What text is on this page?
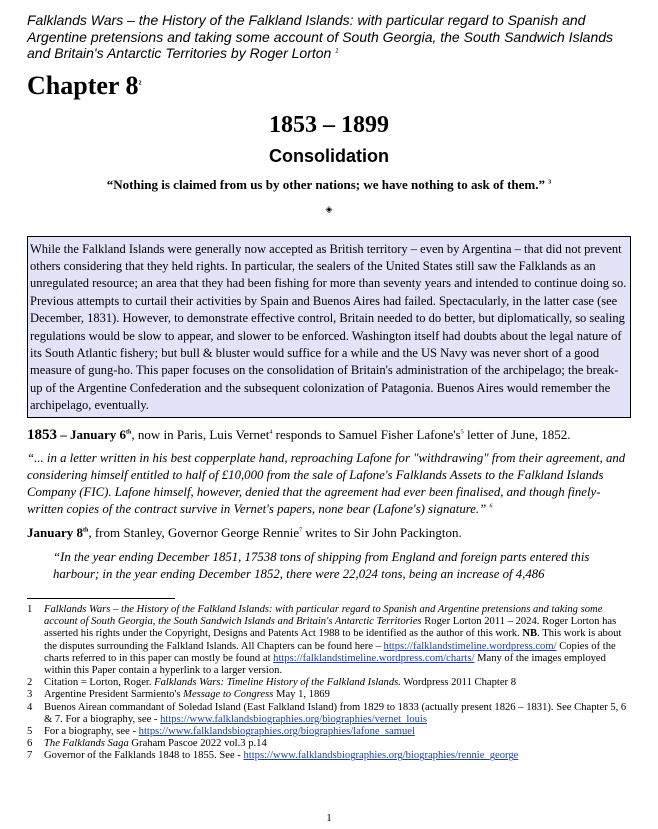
Falklands Wars – the History of the Falkland Islands: with particular regard to Spanish and Argentine pretensions and taking some account of South Georgia, the South Sandwich Islands and Britain's Antarctic Territories by Roger Lorton $^1$

Chapter $8^2$
1853 – 1899
Consolidation
“Nothing is claimed from us by other nations; we have nothing to ask of them.” $^3$
◈
While the Falkland Islands were generally now accepted as British territory – even by Argentina – that did not prevent others considering that they held rights. In particular, the sealers of the United States still saw the Falklands as an unregulated resource; an area that they had been fishing for more than seventy years and intended to continue doing so. Previous attempts to curtail their activities by Spain and Buenos Aires had failed. Spectacularly, in the latter case (see December, 1831). However, to demonstrate effective control, Britain needed to do better, but diplomatically, so sealing regulations would be slow to appear, and slower to be enforced. Washington itself had doubts about the legal nature of its South Atlantic fishery; but bull & bluster would suffice for a while and the US Navy was never short of a good measure of gung-ho. This paper focuses on the consolidation of Britain's administration of the archipelago; the break-up of the Argentine Confederation and the subsequent colonization of Patagonia. Buenos Aires would remember the archipelago, eventually.

1853 – January 6th, now in Paris, Luis Vernet$^4$ responds to Samuel Fisher $Lafone's^5$ letter of June, 1852.

“... in a letter written in his best copperplate hand, reproaching Lafone for "withdrawing" from their agreement, and considering himself entitled to half of £10,000 from the sale of Lafone's Falklands Assets to the Falkland Islands Company (FIC). Lafone himself, however, denied that the agreement had ever been finalised, and though finely-written copies of the contract survive in Vernet's papers, none bear (Lafone's) signature.” $^6$

January 8th, from Stanley, Governor George Rennie$^7$ writes to Sir John Packington.

“In the year ending December 1851, 17538 tons of shipping from England and foreign parts entered this harbour; in the year ending December 1852, there were 22,024 tons, being an increase of 4,486

1	Falklands Wars – the History of the Falkland Islands: with particular regard to Spanish and Argentine pretensions and taking some account of South Georgia, the South Sandwich Islands and Britain's Antarctic Territories Roger Lorton 2011 – 2024. Roger Lorton has asserted his rights under the Copyright, Designs and Patents Act 1988 to be identified as the author of this work. NB. This work is about the disputes surrounding the Falkland Islands. All Chapters can be found here – https://falklandstimeline.wordpress.com/ Copies of the charts referred to in this paper can mostly be found at https://falklandstimeline.wordpress.com/charts/ Many of the images employed within this Paper contain a hyperlink to a larger version.
2	Citation = Lorton, Roger. Falklands Wars: Timeline History of the Falkland Islands. Wordpress 2011 Chapter 8
3	Argentine President Sarmiento's Message to Congress May 1, 1869
4	Buenos Airean commandant of Soledad Island (East Falkland Island) from 1829 to 1833 (actually present 1826 – 1831). See Chapter 5, 6 & 7. For a biography, see - https://www.falklandsbiographies.org/biographies/vernet_louis
5	For a biography, see - https://www.falklandsbiographies.org/biographies/lafone_samuel
6	The Falklands Saga Graham Pascoe 2022 vol.3 p.14
7	Governor of the Falklands 1848 to 1855. See - https://www.falklandsbiographies.org/biographies/rennie_george
1
